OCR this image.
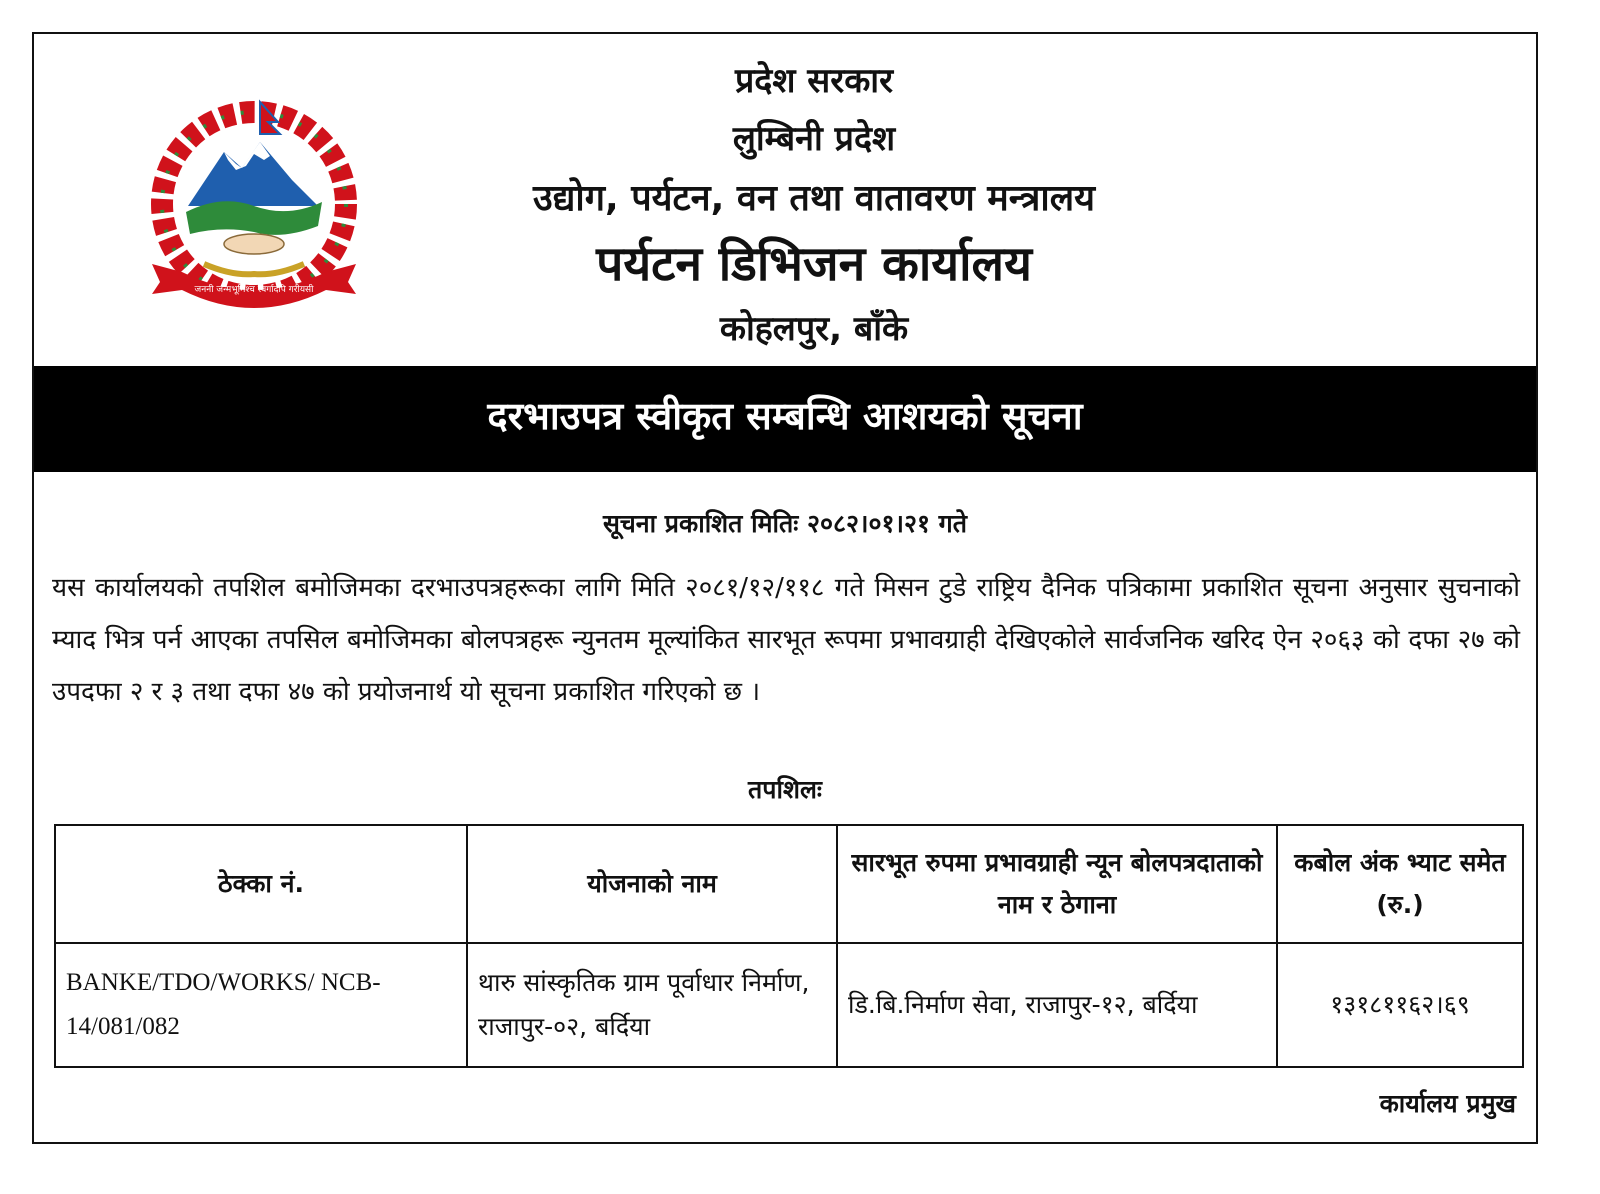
जननी जन्मभूमिश्च स्वर्गादपि गरीयसी
प्रदेश सरकार
लुम्बिनी प्रदेश
उद्योग, पर्यटन, वन तथा वातावरण मन्त्रालय
पर्यटन डिभिजन कार्यालय
कोहलपुर, बाँके
दरभाउपत्र स्वीकृत सम्बन्धि आशयको सूचना
सूचना प्रकाशित मितिः २०८२।०१।२१ गते
यस कार्यालयको तपशिल बमोजिमका दरभाउपत्रहरूका लागि मिति २०८१/१२/११८ गते मिसन टुडे राष्ट्रिय दैनिक पत्रिकामा प्रकाशित सूचना अनुसार सुचनाको म्याद भित्र पर्न आएका तपसिल बमोजिमका बोलपत्रहरू न्युनतम मूल्यांकित सारभूत रूपमा प्रभावग्राही देखिएकोले सार्वजनिक खरिद ऐन २०६३ को दफा २७ को उपदफा २ र ३ तथा दफा ४७ को प्रयोजनार्थ यो सूचना प्रकाशित गरिएको छ ।
तपशिलः
ठेक्का नं.	योजनाको नाम	सारभूत रुपमा प्रभावग्राही न्यून बोलपत्रदाताको नाम र ठेगाना	कबोल अंक भ्याट समेत (रु.)
BANKE/TDO/WORKS/ NCB- 14/081/082	थारु सांस्कृतिक ग्राम पूर्वाधार निर्माण, राजापुर-०२, बर्दिया	डि.बि.निर्माण सेवा, राजापुर-१२, बर्दिया	१३१८११६२।६९
कार्यालय प्रमुख
